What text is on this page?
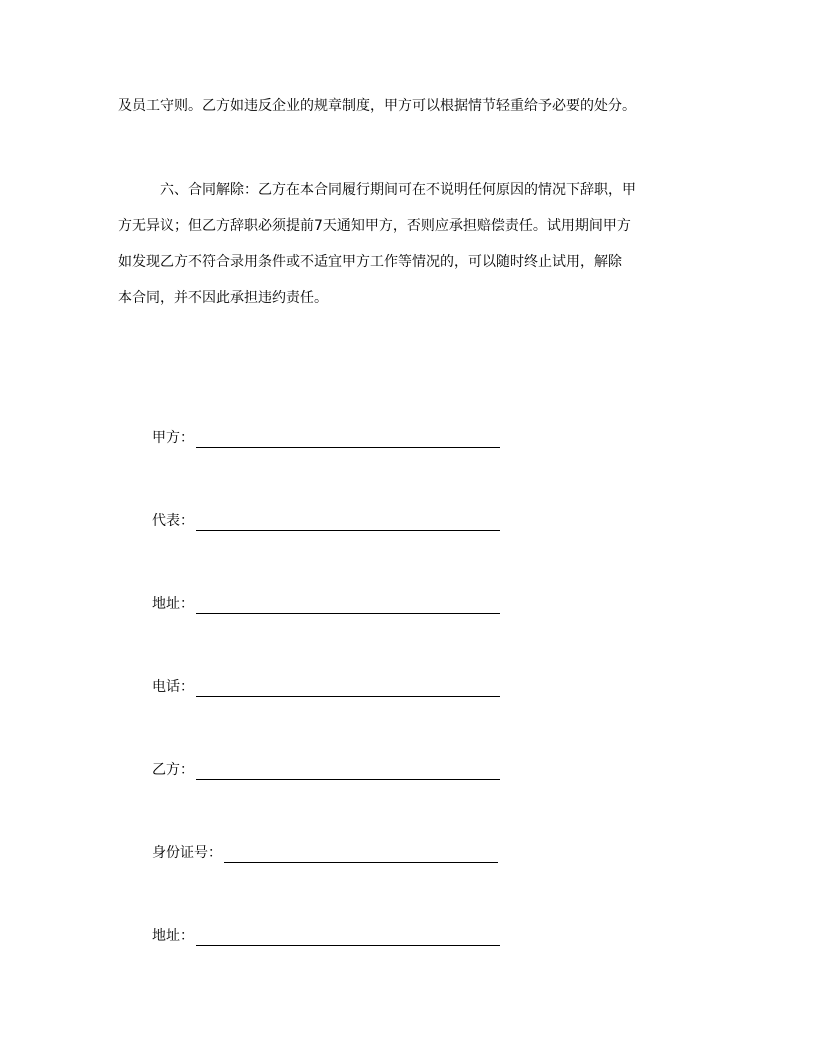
及员工守则。乙方如违反企业的规章制度，甲方可以根据情节轻重给予必要的处分。
六、合同解除：乙方在本合同履行期间可在不说明任何原因的情况下辞职，甲
方无异议；但乙方辞职必须提前7天通知甲方，否则应承担赔偿责任。试用期间甲方
如发现乙方不符合录用条件或不适宜甲方工作等情况的，可以随时终止试用，解除
本合同，并不因此承担违约责任。
甲方：
代表：
地址：
电话：
乙方：
身份证号：
地址：
